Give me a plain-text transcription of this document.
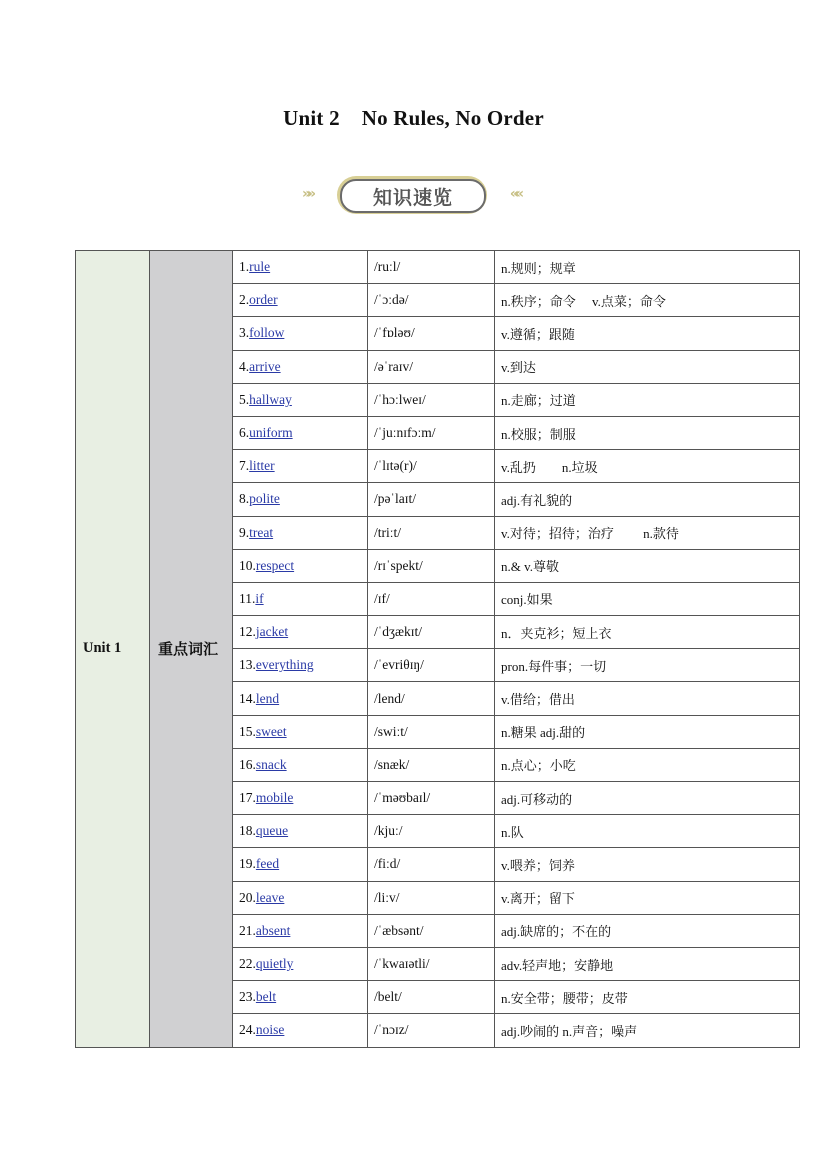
Unit 2 No Rules, No Order
»»	知识速览	««
Unit 1	重点词汇	1.rule	/ruːl/	n.规则；规章
		2.order	/ˈɔːdə/	n.秩序；命令　 v.点菜；命令
		3.follow	/ˈfɒləʊ/	v.遵循；跟随
		4.arrive	/əˈraɪv/	v.到达
		5.hallway	/ˈhɔːlweɪ/	n.走廊；过道
		6.uniform	/ˈjuːnɪfɔːm/	n.校服；制服
		7.litter	/ˈlɪtə(r)/	v.乱扔　　n.垃圾
		8.polite	/pəˈlaɪt/	adj.有礼貌的
		9.treat	/triːt/	v.对待；招待；治疗　　 n.款待
		10.respect	/rɪˈspekt/	n.& v.尊敬
		11.if	/ɪf/	conj.如果
		12.jacket	/ˈdʒækɪt/	n．夹克衫；短上衣
		13.everything	/ˈevriθɪŋ/	pron.每件事；一切
		14.lend	/lend/	v.借给；借出
		15.sweet	/swiːt/	n.糖果 adj.甜的
		16.snack	/snæk/	n.点心；小吃
		17.mobile	/ˈməʊbaɪl/	adj.可移动的
		18.queue	/kjuː/	n.队
		19.feed	/fiːd/	v.喂养；饲养
		20.leave	/liːv/	v.离开；留下
		21.absent	/ˈæbsənt/	adj.缺席的；不在的
		22.quietly	/ˈkwaɪətli/	adv.轻声地；安静地
		23.belt	/belt/	n.安全带；腰带；皮带
		24.noise	/ˈnɔɪz/	adj.吵闹的 n.声音；噪声
